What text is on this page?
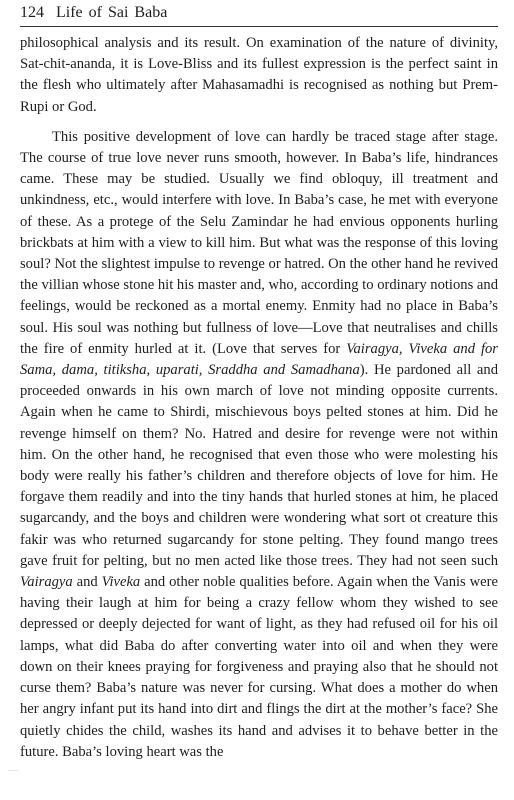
124 Life of Sai Baba

philosophical analysis and its result. On examination of the nature of divinity, Sat-chit-ananda, it is Love-Bliss and its fullest expression is the perfect saint in the flesh who ultimately after Mahasamadhi is recognised as nothing but Prem-Rupi or God.

This positive development of love can hardly be traced stage after stage. The course of true love never runs smooth, however. In Baba’s life, hindrances came. These may be studied. Usually we find obloquy, ill treatment and unkindness, etc., would interfere with love. In Baba’s case, he met with everyone of these. As a protege of the Selu Zamindar he had envious opponents hurling brickbats at him with a view to kill him. But what was the response of this loving soul? Not the slightest impulse to revenge or hatred. On the other hand he revived the villian whose stone hit his master and, who, according to ordinary notions and feelings, would be reckoned as a mortal enemy. Enmity had no place in Baba’s soul. His soul was nothing but fullness of love—Love that neutralises and chills the fire of enmity hurled at it. (Love that serves for Vairagya, Viveka and for Sama, dama, titiksha, uparati, Sraddha and Samadhana). He pardoned all and proceeded onwards in his own march of love not minding opposite currents. Again when he came to Shirdi, mischievous boys pelted stones at him. Did he revenge himself on them? No. Hatred and desire for revenge were not within him. On the other hand, he recognised that even those who were molesting his body were really his father’s children and therefore objects of love for him. He forgave them readily and into the tiny hands that hurled stones at him, he placed sugarcandy, and the boys and children were wondering what sort ot creature this fakir was who returned sugarcandy for stone pelting. They found mango trees gave fruit for pelting, but no men acted like those trees. They had not seen such Vairagya and Viveka and other noble qualities before. Again when the Vanis were having their laugh at him for being a crazy fellow whom they wished to see depressed or deeply dejected for want of light, as they had refused oil for his oil lamps, what did Baba do after converting water into oil and when they were down on their knees praying for forgiveness and praying also that he should not curse them? Baba’s nature was never for cursing. What does a mother do when her angry infant put its hand into dirt and flings the dirt at the mother’s face? She quietly chides the child, washes its hand and advises it to behave better in the future. Baba’s loving heart was the
